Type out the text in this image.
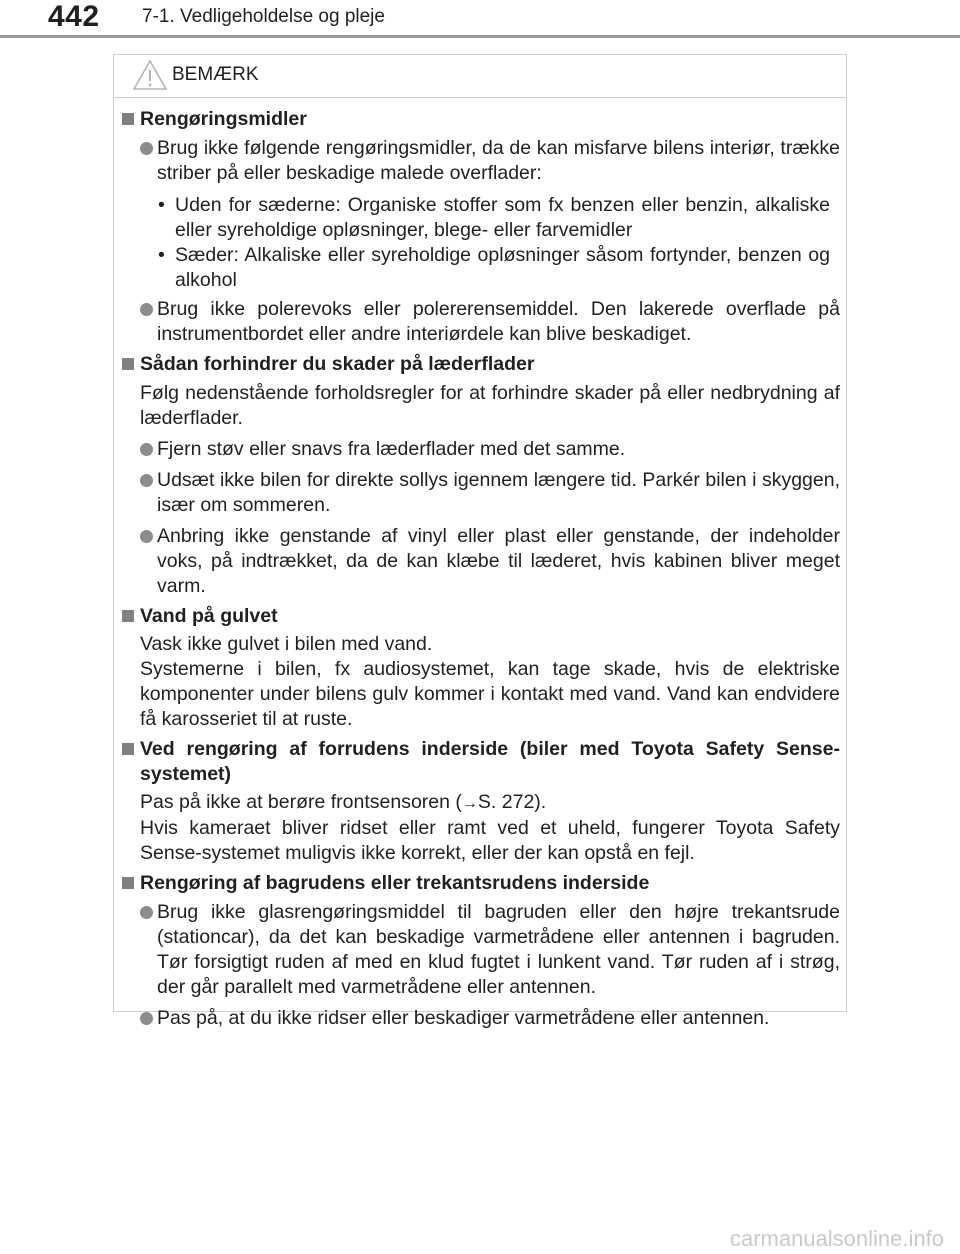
442 7-1. Vedligeholdelse og pleje
BEMÆRK
Rengøringsmidler
Brug ikke følgende rengøringsmidler, da de kan misfarve bilens interiør, trække striber på eller beskadige malede overflader:
• Uden for sæderne: Organiske stoffer som fx benzen eller benzin, alkaliske eller syreholdige opløsninger, blege- eller farvemidler
• Sæder: Alkaliske eller syreholdige opløsninger såsom fortynder, benzen og alkohol
Brug ikke polerevoks eller polererensemiddel. Den lakerede overflade på instrumentbordet eller andre interiørdele kan blive beskadiget.
Sådan forhindrer du skader på læderflader
Følg nedenstående forholdsregler for at forhindre skader på eller nedbrydning af læderflader.
Fjern støv eller snavs fra læderflader med det samme.
Udsæt ikke bilen for direkte sollys igennem længere tid. Parkér bilen i skyggen, især om sommeren.
Anbring ikke genstande af vinyl eller plast eller genstande, der indeholder voks, på indtrækket, da de kan klæbe til læderet, hvis kabinen bliver meget varm.
Vand på gulvet
Vask ikke gulvet i bilen med vand.
Systemerne i bilen, fx audiosystemet, kan tage skade, hvis de elektriske komponenter under bilens gulv kommer i kontakt med vand. Vand kan endvidere få karosseriet til at ruste.
Ved rengøring af forrudens inderside (biler med Toyota Safety Sense-systemet)
Pas på ikke at berøre frontsensoren (→S. 272).
Hvis kameraet bliver ridset eller ramt ved et uheld, fungerer Toyota Safety Sense-systemet muligvis ikke korrekt, eller der kan opstå en fejl.
Rengøring af bagrudens eller trekantsrudens inderside
Brug ikke glasrengøringsmiddel til bagruden eller den højre trekantsrude (stationcar), da det kan beskadige varmetrådene eller antennen i bagruden. Tør forsigtigt ruden af med en klud fugtet i lunkent vand. Tør ruden af i strøg, der går parallelt med varmetrådene eller antennen.
Pas på, at du ikke ridser eller beskadiger varmetrådene eller antennen.
carmanualsonline.info
